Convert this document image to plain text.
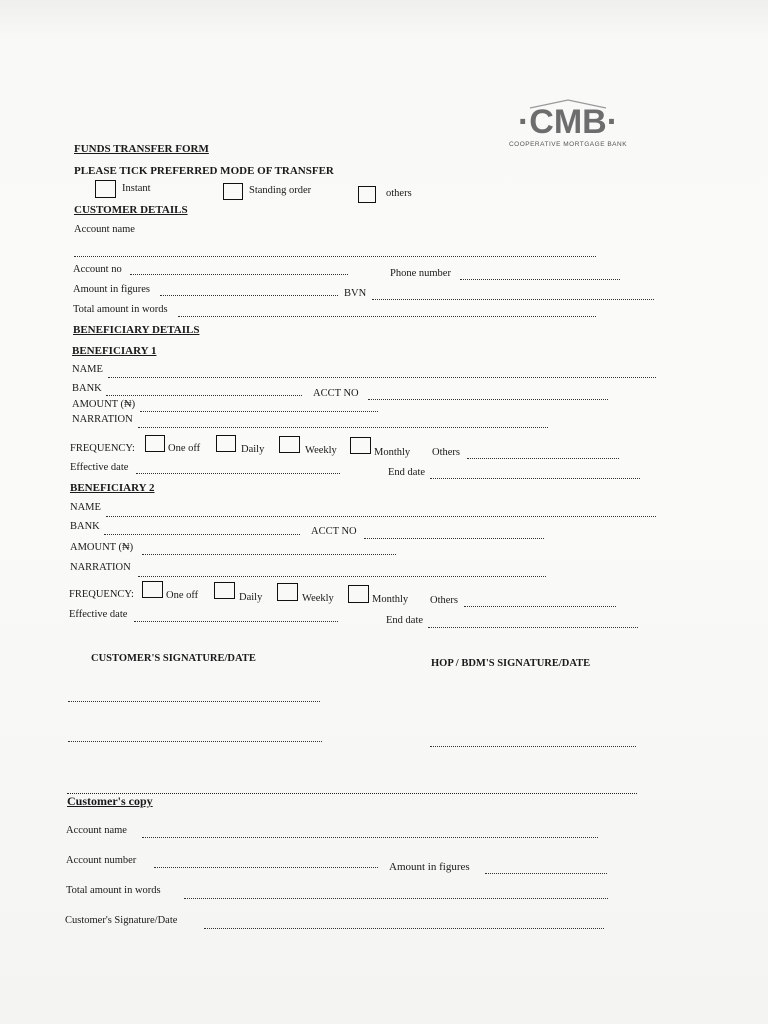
·CMB·
COOPERATIVE MORTGAGE BANK
FUNDS TRANSFER FORM
PLEASE TICK PREFERRED MODE OF TRANSFER
Instant	Standing order	others
CUSTOMER DETAILS
Account name
Account no	Phone number
Amount in figures	BVN
Total amount in words
BENEFICIARY DETAILS
BENEFICIARY 1
NAME
BANK	ACCT NO
AMOUNT (₦)
NARRATION
FREQUENCY:	One off	Daily	Weekly	Monthly Others
Effective date	End date
BENEFICIARY 2
NAME
BANK	ACCT NO
AMOUNT (₦)
NARRATION
FREQUENCY:	One off	Daily	Weekly	Monthly Others
Effective date
End date
CUSTOMER'S SIGNATURE/DATE	HOP / BDM'S SIGNATURE/DATE
Customer's copy
Account name
Account number
Amount in figures
Total amount in words
Customer's Signature/Date
